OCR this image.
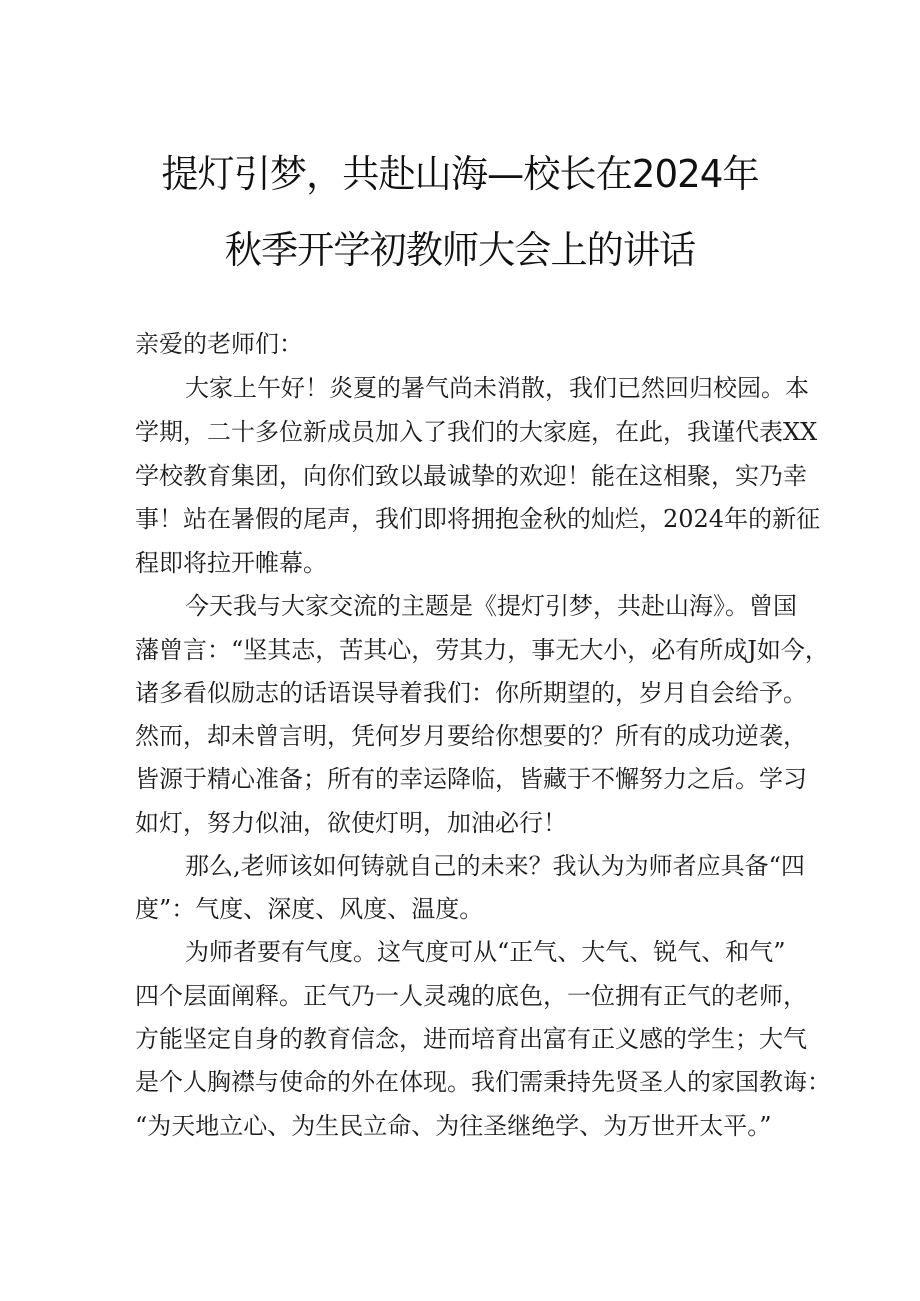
提灯引梦，共赴山海—校长在2024年
秋季开学初教师大会上的讲话

亲爱的老师们：

大家上午好！炎夏的暑气尚未消散，我们已然回归校园。本

学期，二十多位新成员加入了我们的大家庭，在此，我谨代表XX

学校教育集团，向你们致以最诚挚的欢迎！能在这相聚，实乃幸

事！站在暑假的尾声，我们即将拥抱金秋的灿烂，2024年的新征

程即将拉开帷幕。

今天我与大家交流的主题是《提灯引梦，共赴山海》。曾国

藩曾言：“坚其志，苦其心，劳其力，事无大小，必有所成J如今，

诸多看似励志的话语误导着我们：你所期望的，岁月自会给予。

然而，却未曾言明，凭何岁月要给你想要的？所有的成功逆袭，

皆源于精心准备；所有的幸运降临，皆藏于不懈努力之后。学习

如灯，努力似油，欲使灯明，加油必行！

那么,老师该如何铸就自己的未来？我认为为师者应具备“四

度”：气度、深度、风度、温度。

为师者要有气度。这气度可从“正气、大气、锐气、和气”

四个层面阐释。正气乃一人灵魂的底色，一位拥有正气的老师，

方能坚定自身的教育信念，进而培育出富有正义感的学生；大气

是个人胸襟与使命的外在体现。我们需秉持先贤圣人的家国教诲：

“为天地立心、为生民立命、为往圣继绝学、为万世开太平。”
